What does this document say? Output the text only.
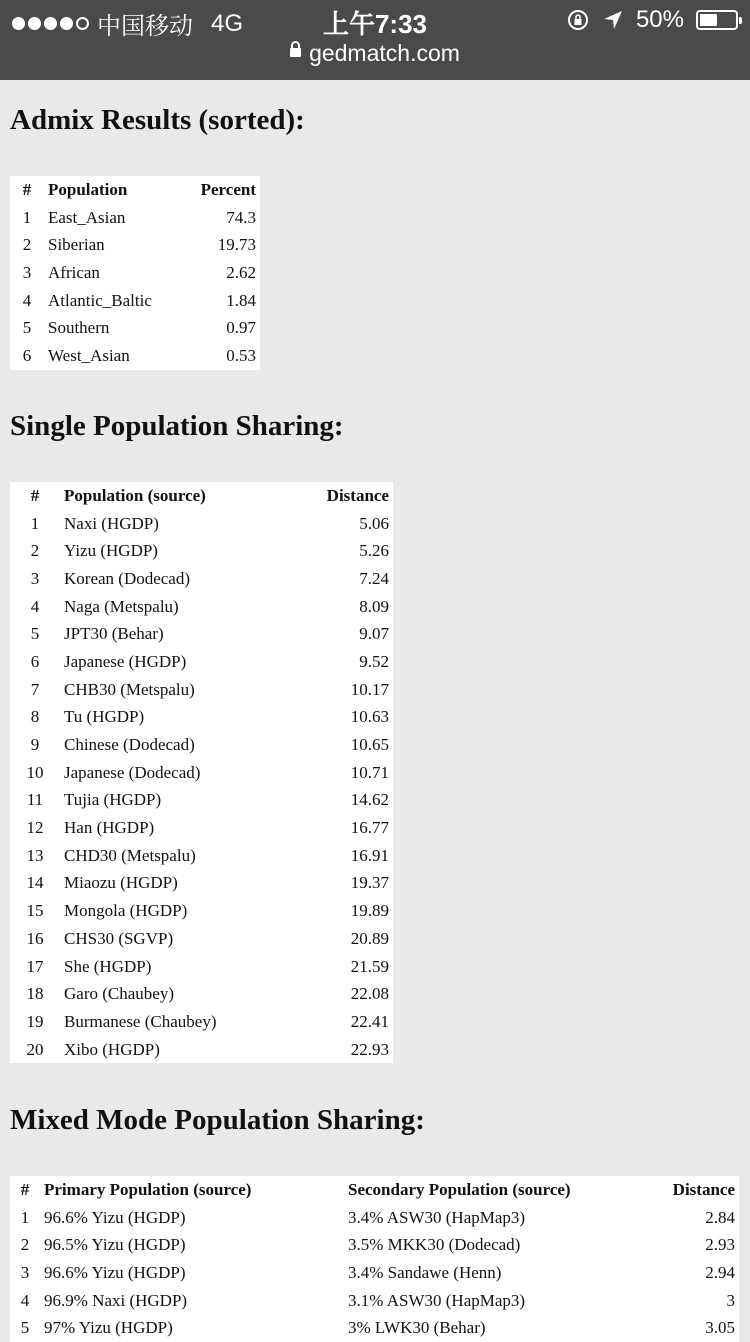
中国移动 4G	上午7:33	50%
gedmatch.com
Admix Results (sorted):
#	Population	Percent
1	East_Asian	74.3
2	Siberian	19.73
3	African	2.62
4	Atlantic_Baltic	1.84
5	Southern	0.97
6	West_Asian	0.53
Single Population Sharing:
#	Population (source)	Distance
1	Naxi (HGDP)	5.06
2	Yizu (HGDP)	5.26
3	Korean (Dodecad)	7.24
4	Naga (Metspalu)	8.09
5	JPT30 (Behar)	9.07
6	Japanese (HGDP)	9.52
7	CHB30 (Metspalu)	10.17
8	Tu (HGDP)	10.63
9	Chinese (Dodecad)	10.65
10	Japanese (Dodecad)	10.71
11	Tujia (HGDP)	14.62
12	Han (HGDP)	16.77
13	CHD30 (Metspalu)	16.91
14	Miaozu (HGDP)	19.37
15	Mongola (HGDP)	19.89
16	CHS30 (SGVP)	20.89
17	She (HGDP)	21.59
18	Garo (Chaubey)	22.08
19	Burmanese (Chaubey)	22.41
20	Xibo (HGDP)	22.93
Mixed Mode Population Sharing:
#	Primary Population (source)	Secondary Population (source)	Distance
1	96.6% Yizu (HGDP)	3.4% ASW30 (HapMap3)	2.84
2	96.5% Yizu (HGDP)	3.5% MKK30 (Dodecad)	2.93
3	96.6% Yizu (HGDP)	3.4% Sandawe (Henn)	2.94
4	96.9% Naxi (HGDP)	3.1% ASW30 (HapMap3)	3
5	97% Yizu (HGDP)	3% LWK30 (Behar)	3.05
